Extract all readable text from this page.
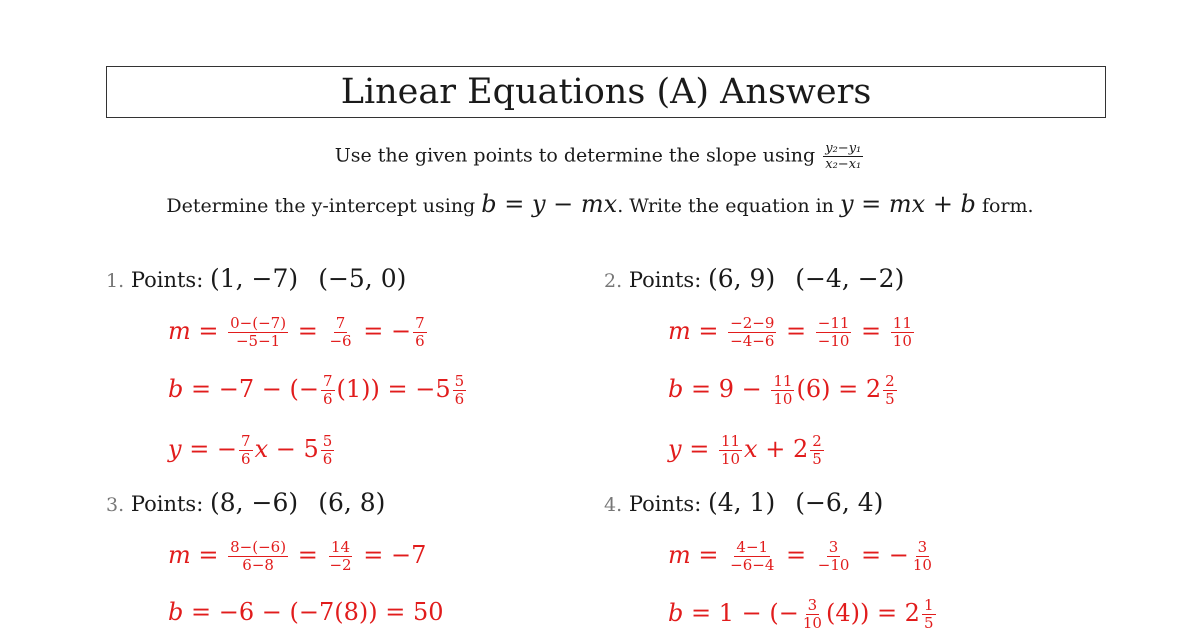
Linear Equations (A) Answers
Use the given points to determine the slope using $\frac{\text{y₂−y₁}}{\text{x₂−x₁}}$
Determine the y-intercept using b = y − mx. Write the equation in y = mx + b form.
1. Points: (1, −7) (−5, 0)
$m = \frac{0-(-7)}{-5-1} = \frac{7}{-6}$ = − $\frac{7}{6}$
b = −7 − (− $\frac{7}{6} (1)) = -5 \frac{5}{6}$
y = − $\frac{7}{6}$ $x - 5 \frac{5}{6}$
2. Points: (6, 9) (−4, −2)
$m = \frac{-2-9}{-4-6} = \frac{-11}{-10} = \frac{11}{10}$
$b = 9 - \frac{11}{10} (6) = 2 \frac{2}{5}$
$y = \frac{11}{10}$ $x + 2 \frac{2}{5}$
3. Points: (8, −6) (6, 8)
$m = \frac{8-(-6)}{6-8} = \frac{14}{-2} = -7$
b = −6 − (−7(8)) = 50
4. Points: (4, 1) (−6, 4)
$m = \frac{4-1}{-6-4} = \frac{3}{-10}$ = − $\frac{3}{10}$
b = 1 − (− $\frac{3}{10} (4)) = 2 \frac{1}{5}$
